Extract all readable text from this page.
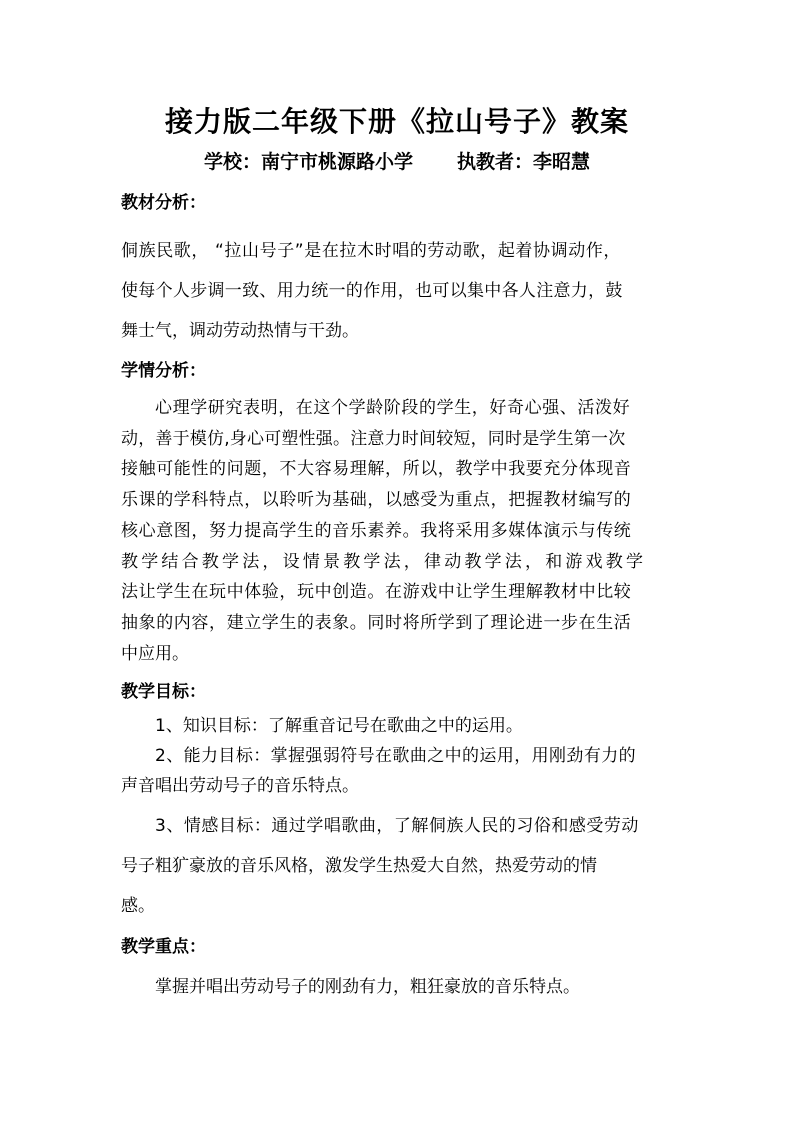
接力版二年级下册《拉山号子》教案
学校：南宁市桃源路小学 执教者：李昭慧
教材分析：
侗族民歌， “拉山号子”是在拉木时唱的劳动歌，起着协调动作，
使每个人步调一致、用力统一的作用，也可以集中各人注意力，鼓
舞士气，调动劳动热情与干劲。
学情分析：
心理学研究表明，在这个学龄阶段的学生，好奇心强、活泼好
动，善于模仿,身心可塑性强。注意力时间较短，同时是学生第一次
接触可能性的问题，不大容易理解，所以，教学中我要充分体现音
乐课的学科特点，以聆听为基础，以感受为重点，把握教材编写的
核心意图，努力提高学生的音乐素养。我将采用多媒体演示与传统
教学结合教学法，设情景教学法，律动教学法，和游戏教学
法让学生在玩中体验，玩中创造。在游戏中让学生理解教材中比较
抽象的内容，建立学生的表象。同时将所学到了理论进一步在生活
中应用。
教学目标：
1、知识目标：了解重音记号在歌曲之中的运用。
2、能力目标：掌握强弱符号在歌曲之中的运用，用刚劲有力的
声音唱出劳动号子的音乐特点。
3、情感目标：通过学唱歌曲，了解侗族人民的习俗和感受劳动
号子粗犷豪放的音乐风格，激发学生热爱大自然，热爱劳动的情
感。
教学重点：
掌握并唱出劳动号子的刚劲有力，粗狂豪放的音乐特点。
